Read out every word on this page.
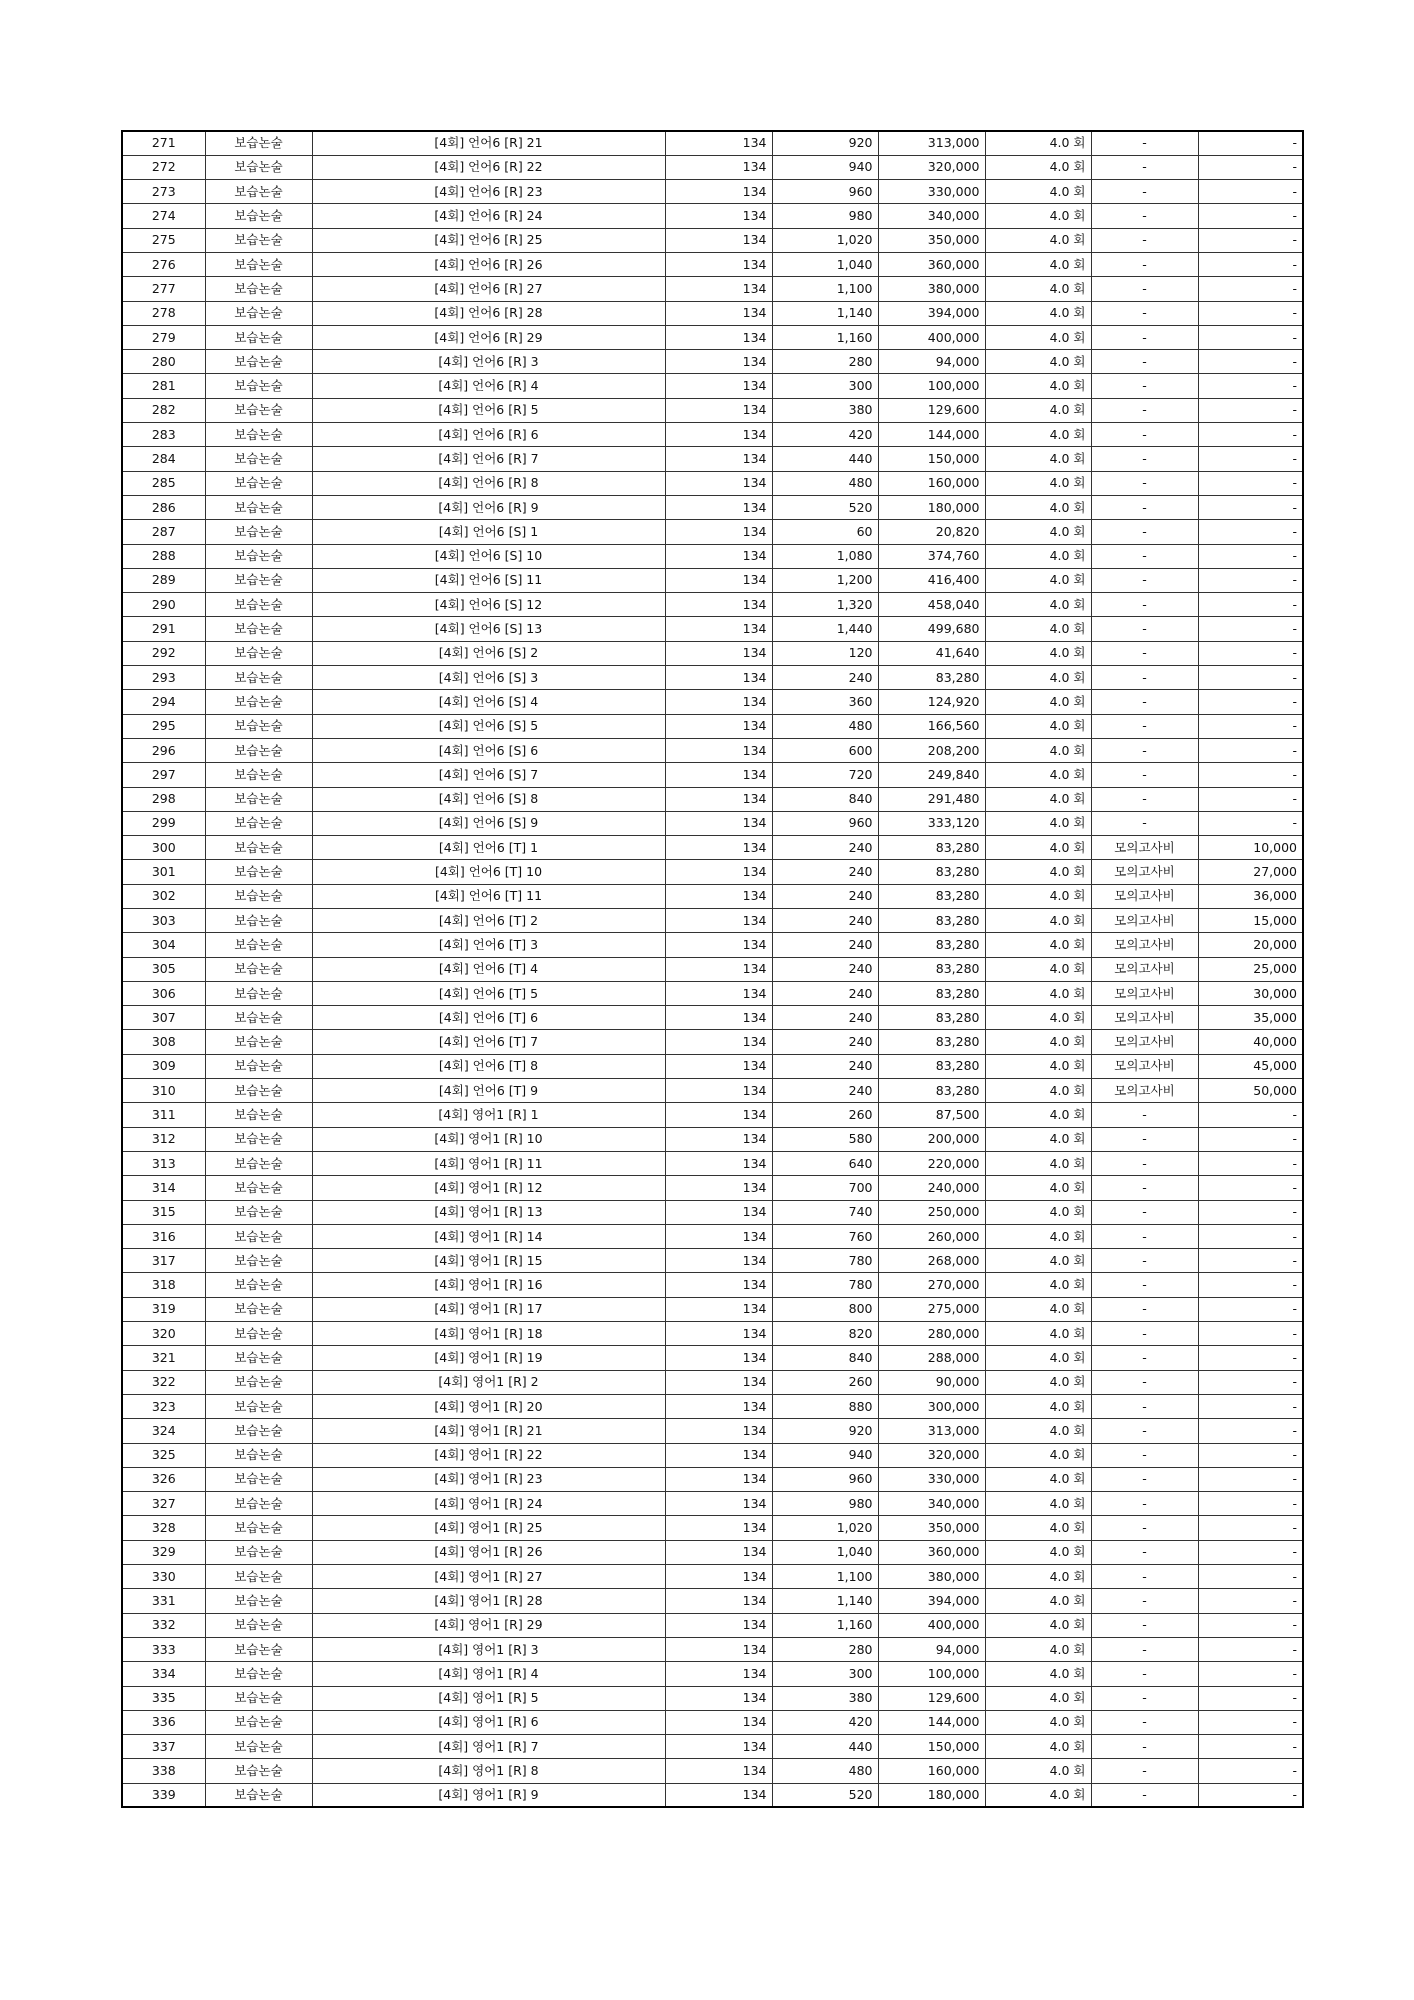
271	보습논술	[4회] 언어6 [R] 21	134	920	313,000	4.0 회	-	-
272	보습논술	[4회] 언어6 [R] 22	134	940	320,000	4.0 회	-	-
273	보습논술	[4회] 언어6 [R] 23	134	960	330,000	4.0 회	-	-
274	보습논술	[4회] 언어6 [R] 24	134	980	340,000	4.0 회	-	-
275	보습논술	[4회] 언어6 [R] 25	134	1,020	350,000	4.0 회	-	-
276	보습논술	[4회] 언어6 [R] 26	134	1,040	360,000	4.0 회	-	-
277	보습논술	[4회] 언어6 [R] 27	134	1,100	380,000	4.0 회	-	-
278	보습논술	[4회] 언어6 [R] 28	134	1,140	394,000	4.0 회	-	-
279	보습논술	[4회] 언어6 [R] 29	134	1,160	400,000	4.0 회	-	-
280	보습논술	[4회] 언어6 [R] 3	134	280	94,000	4.0 회	-	-
281	보습논술	[4회] 언어6 [R] 4	134	300	100,000	4.0 회	-	-
282	보습논술	[4회] 언어6 [R] 5	134	380	129,600	4.0 회	-	-
283	보습논술	[4회] 언어6 [R] 6	134	420	144,000	4.0 회	-	-
284	보습논술	[4회] 언어6 [R] 7	134	440	150,000	4.0 회	-	-
285	보습논술	[4회] 언어6 [R] 8	134	480	160,000	4.0 회	-	-
286	보습논술	[4회] 언어6 [R] 9	134	520	180,000	4.0 회	-	-
287	보습논술	[4회] 언어6 [S] 1	134	60	20,820	4.0 회	-	-
288	보습논술	[4회] 언어6 [S] 10	134	1,080	374,760	4.0 회	-	-
289	보습논술	[4회] 언어6 [S] 11	134	1,200	416,400	4.0 회	-	-
290	보습논술	[4회] 언어6 [S] 12	134	1,320	458,040	4.0 회	-	-
291	보습논술	[4회] 언어6 [S] 13	134	1,440	499,680	4.0 회	-	-
292	보습논술	[4회] 언어6 [S] 2	134	120	41,640	4.0 회	-	-
293	보습논술	[4회] 언어6 [S] 3	134	240	83,280	4.0 회	-	-
294	보습논술	[4회] 언어6 [S] 4	134	360	124,920	4.0 회	-	-
295	보습논술	[4회] 언어6 [S] 5	134	480	166,560	4.0 회	-	-
296	보습논술	[4회] 언어6 [S] 6	134	600	208,200	4.0 회	-	-
297	보습논술	[4회] 언어6 [S] 7	134	720	249,840	4.0 회	-	-
298	보습논술	[4회] 언어6 [S] 8	134	840	291,480	4.0 회	-	-
299	보습논술	[4회] 언어6 [S] 9	134	960	333,120	4.0 회	-	-
300	보습논술	[4회] 언어6 [T] 1	134	240	83,280	4.0 회	모의고사비	10,000
301	보습논술	[4회] 언어6 [T] 10	134	240	83,280	4.0 회	모의고사비	27,000
302	보습논술	[4회] 언어6 [T] 11	134	240	83,280	4.0 회	모의고사비	36,000
303	보습논술	[4회] 언어6 [T] 2	134	240	83,280	4.0 회	모의고사비	15,000
304	보습논술	[4회] 언어6 [T] 3	134	240	83,280	4.0 회	모의고사비	20,000
305	보습논술	[4회] 언어6 [T] 4	134	240	83,280	4.0 회	모의고사비	25,000
306	보습논술	[4회] 언어6 [T] 5	134	240	83,280	4.0 회	모의고사비	30,000
307	보습논술	[4회] 언어6 [T] 6	134	240	83,280	4.0 회	모의고사비	35,000
308	보습논술	[4회] 언어6 [T] 7	134	240	83,280	4.0 회	모의고사비	40,000
309	보습논술	[4회] 언어6 [T] 8	134	240	83,280	4.0 회	모의고사비	45,000
310	보습논술	[4회] 언어6 [T] 9	134	240	83,280	4.0 회	모의고사비	50,000
311	보습논술	[4회] 영어1 [R] 1	134	260	87,500	4.0 회	-	-
312	보습논술	[4회] 영어1 [R] 10	134	580	200,000	4.0 회	-	-
313	보습논술	[4회] 영어1 [R] 11	134	640	220,000	4.0 회	-	-
314	보습논술	[4회] 영어1 [R] 12	134	700	240,000	4.0 회	-	-
315	보습논술	[4회] 영어1 [R] 13	134	740	250,000	4.0 회	-	-
316	보습논술	[4회] 영어1 [R] 14	134	760	260,000	4.0 회	-	-
317	보습논술	[4회] 영어1 [R] 15	134	780	268,000	4.0 회	-	-
318	보습논술	[4회] 영어1 [R] 16	134	780	270,000	4.0 회	-	-
319	보습논술	[4회] 영어1 [R] 17	134	800	275,000	4.0 회	-	-
320	보습논술	[4회] 영어1 [R] 18	134	820	280,000	4.0 회	-	-
321	보습논술	[4회] 영어1 [R] 19	134	840	288,000	4.0 회	-	-
322	보습논술	[4회] 영어1 [R] 2	134	260	90,000	4.0 회	-	-
323	보습논술	[4회] 영어1 [R] 20	134	880	300,000	4.0 회	-	-
324	보습논술	[4회] 영어1 [R] 21	134	920	313,000	4.0 회	-	-
325	보습논술	[4회] 영어1 [R] 22	134	940	320,000	4.0 회	-	-
326	보습논술	[4회] 영어1 [R] 23	134	960	330,000	4.0 회	-	-
327	보습논술	[4회] 영어1 [R] 24	134	980	340,000	4.0 회	-	-
328	보습논술	[4회] 영어1 [R] 25	134	1,020	350,000	4.0 회	-	-
329	보습논술	[4회] 영어1 [R] 26	134	1,040	360,000	4.0 회	-	-
330	보습논술	[4회] 영어1 [R] 27	134	1,100	380,000	4.0 회	-	-
331	보습논술	[4회] 영어1 [R] 28	134	1,140	394,000	4.0 회	-	-
332	보습논술	[4회] 영어1 [R] 29	134	1,160	400,000	4.0 회	-	-
333	보습논술	[4회] 영어1 [R] 3	134	280	94,000	4.0 회	-	-
334	보습논술	[4회] 영어1 [R] 4	134	300	100,000	4.0 회	-	-
335	보습논술	[4회] 영어1 [R] 5	134	380	129,600	4.0 회	-	-
336	보습논술	[4회] 영어1 [R] 6	134	420	144,000	4.0 회	-	-
337	보습논술	[4회] 영어1 [R] 7	134	440	150,000	4.0 회	-	-
338	보습논술	[4회] 영어1 [R] 8	134	480	160,000	4.0 회	-	-
339	보습논술	[4회] 영어1 [R] 9	134	520	180,000	4.0 회	-	-
